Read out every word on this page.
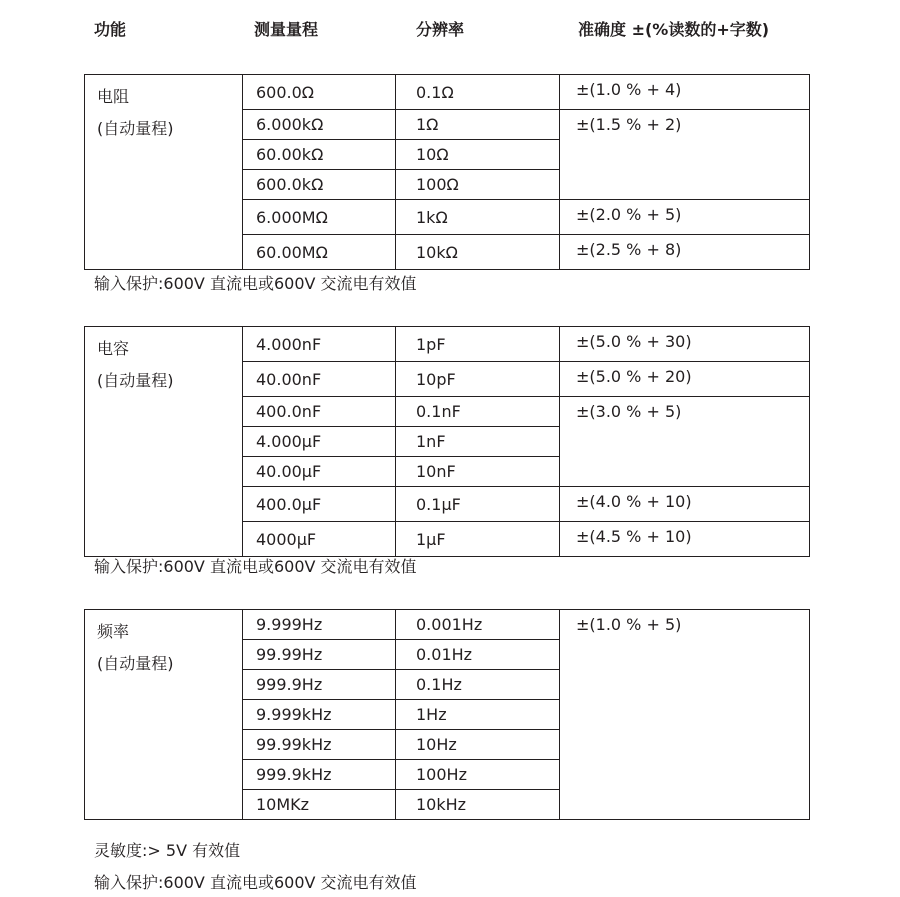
功能	测量量程	分辨率	准确度 ±(%读数的+字数)
电阻
(自动量程)	600.0Ω	0.1Ω	±(1.0 % + 4)
	6.000kΩ	1Ω	±(1.5 % + 2)
	60.00kΩ	10Ω	
	600.0kΩ	100Ω	
	6.000MΩ	1kΩ	±(2.0 % + 5)
	60.00MΩ	10kΩ	±(2.5 % + 8)
输入保护:600V 直流电或600V 交流电有效值
电容
(自动量程)	4.000nF	1pF	±(5.0 % + 30)
	40.00nF	10pF	±(5.0 % + 20)
	400.0nF	0.1nF	±(3.0 % + 5)
	4.000μF	1nF	
	40.00μF	10nF	
	400.0μF	0.1μF	±(4.0 % + 10)
	4000μF	1μF	±(4.5 % + 10)
输入保护:600V 直流电或600V 交流电有效值
频率
(自动量程)	9.999Hz	0.001Hz	±(1.0 % + 5)
	99.99Hz	0.01Hz	
	999.9Hz	0.1Hz	
	9.999kHz	1Hz	
	99.99kHz	10Hz	
	999.9kHz	100Hz	
	10MKz	10kHz	
灵敏度:> 5V 有效值
输入保护:600V 直流电或600V 交流电有效值
